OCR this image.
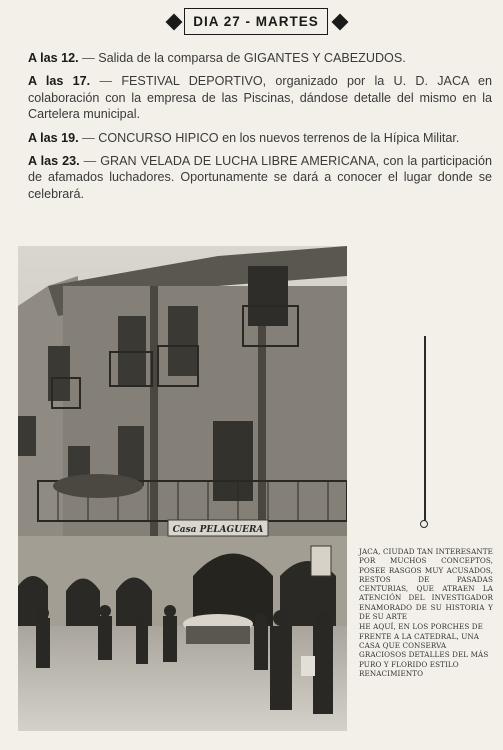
DIA 27 - MARTES
A las 12. — Salida de la comparsa de GIGANTES Y CABEZUDOS.
A las 17. — FESTIVAL DEPORTIVO, organizado por la U. D. JACA en colaboración con la empresa de las Piscinas, dándose detalle del mismo en la Cartelera municipal.
A las 19. — CONCURSO HIPICO en los nuevos terrenos de la Hípica Militar.
A las 23. — GRAN VELADA DE LUCHA LIBRE AMERICANA, con la participación de afamados luchadores. Oportunamente se dará a conocer el lugar donde se celebrará.
Casa PELAGUERA

JACA, CIUDAD TAN INTERESANTE POR MUCHOS CONCEPTOS, POSEE RASGOS MUY ACUSADOS, RESTOS DE PASADAS CENTURIAS, QUE ATRAEN LA ATENCIÓN DEL INVESTIGADOR ENAMORADO DE SU HISTORIA Y DE SU ARTE

HE AQUÍ, EN LOS PORCHES DE FRENTE A LA CATEDRAL, UNA CASA QUE CONSERVA GRACIOSOS DETALLES DEL MÁS PURO Y FLORIDO ESTILO RENACIMIENTO
